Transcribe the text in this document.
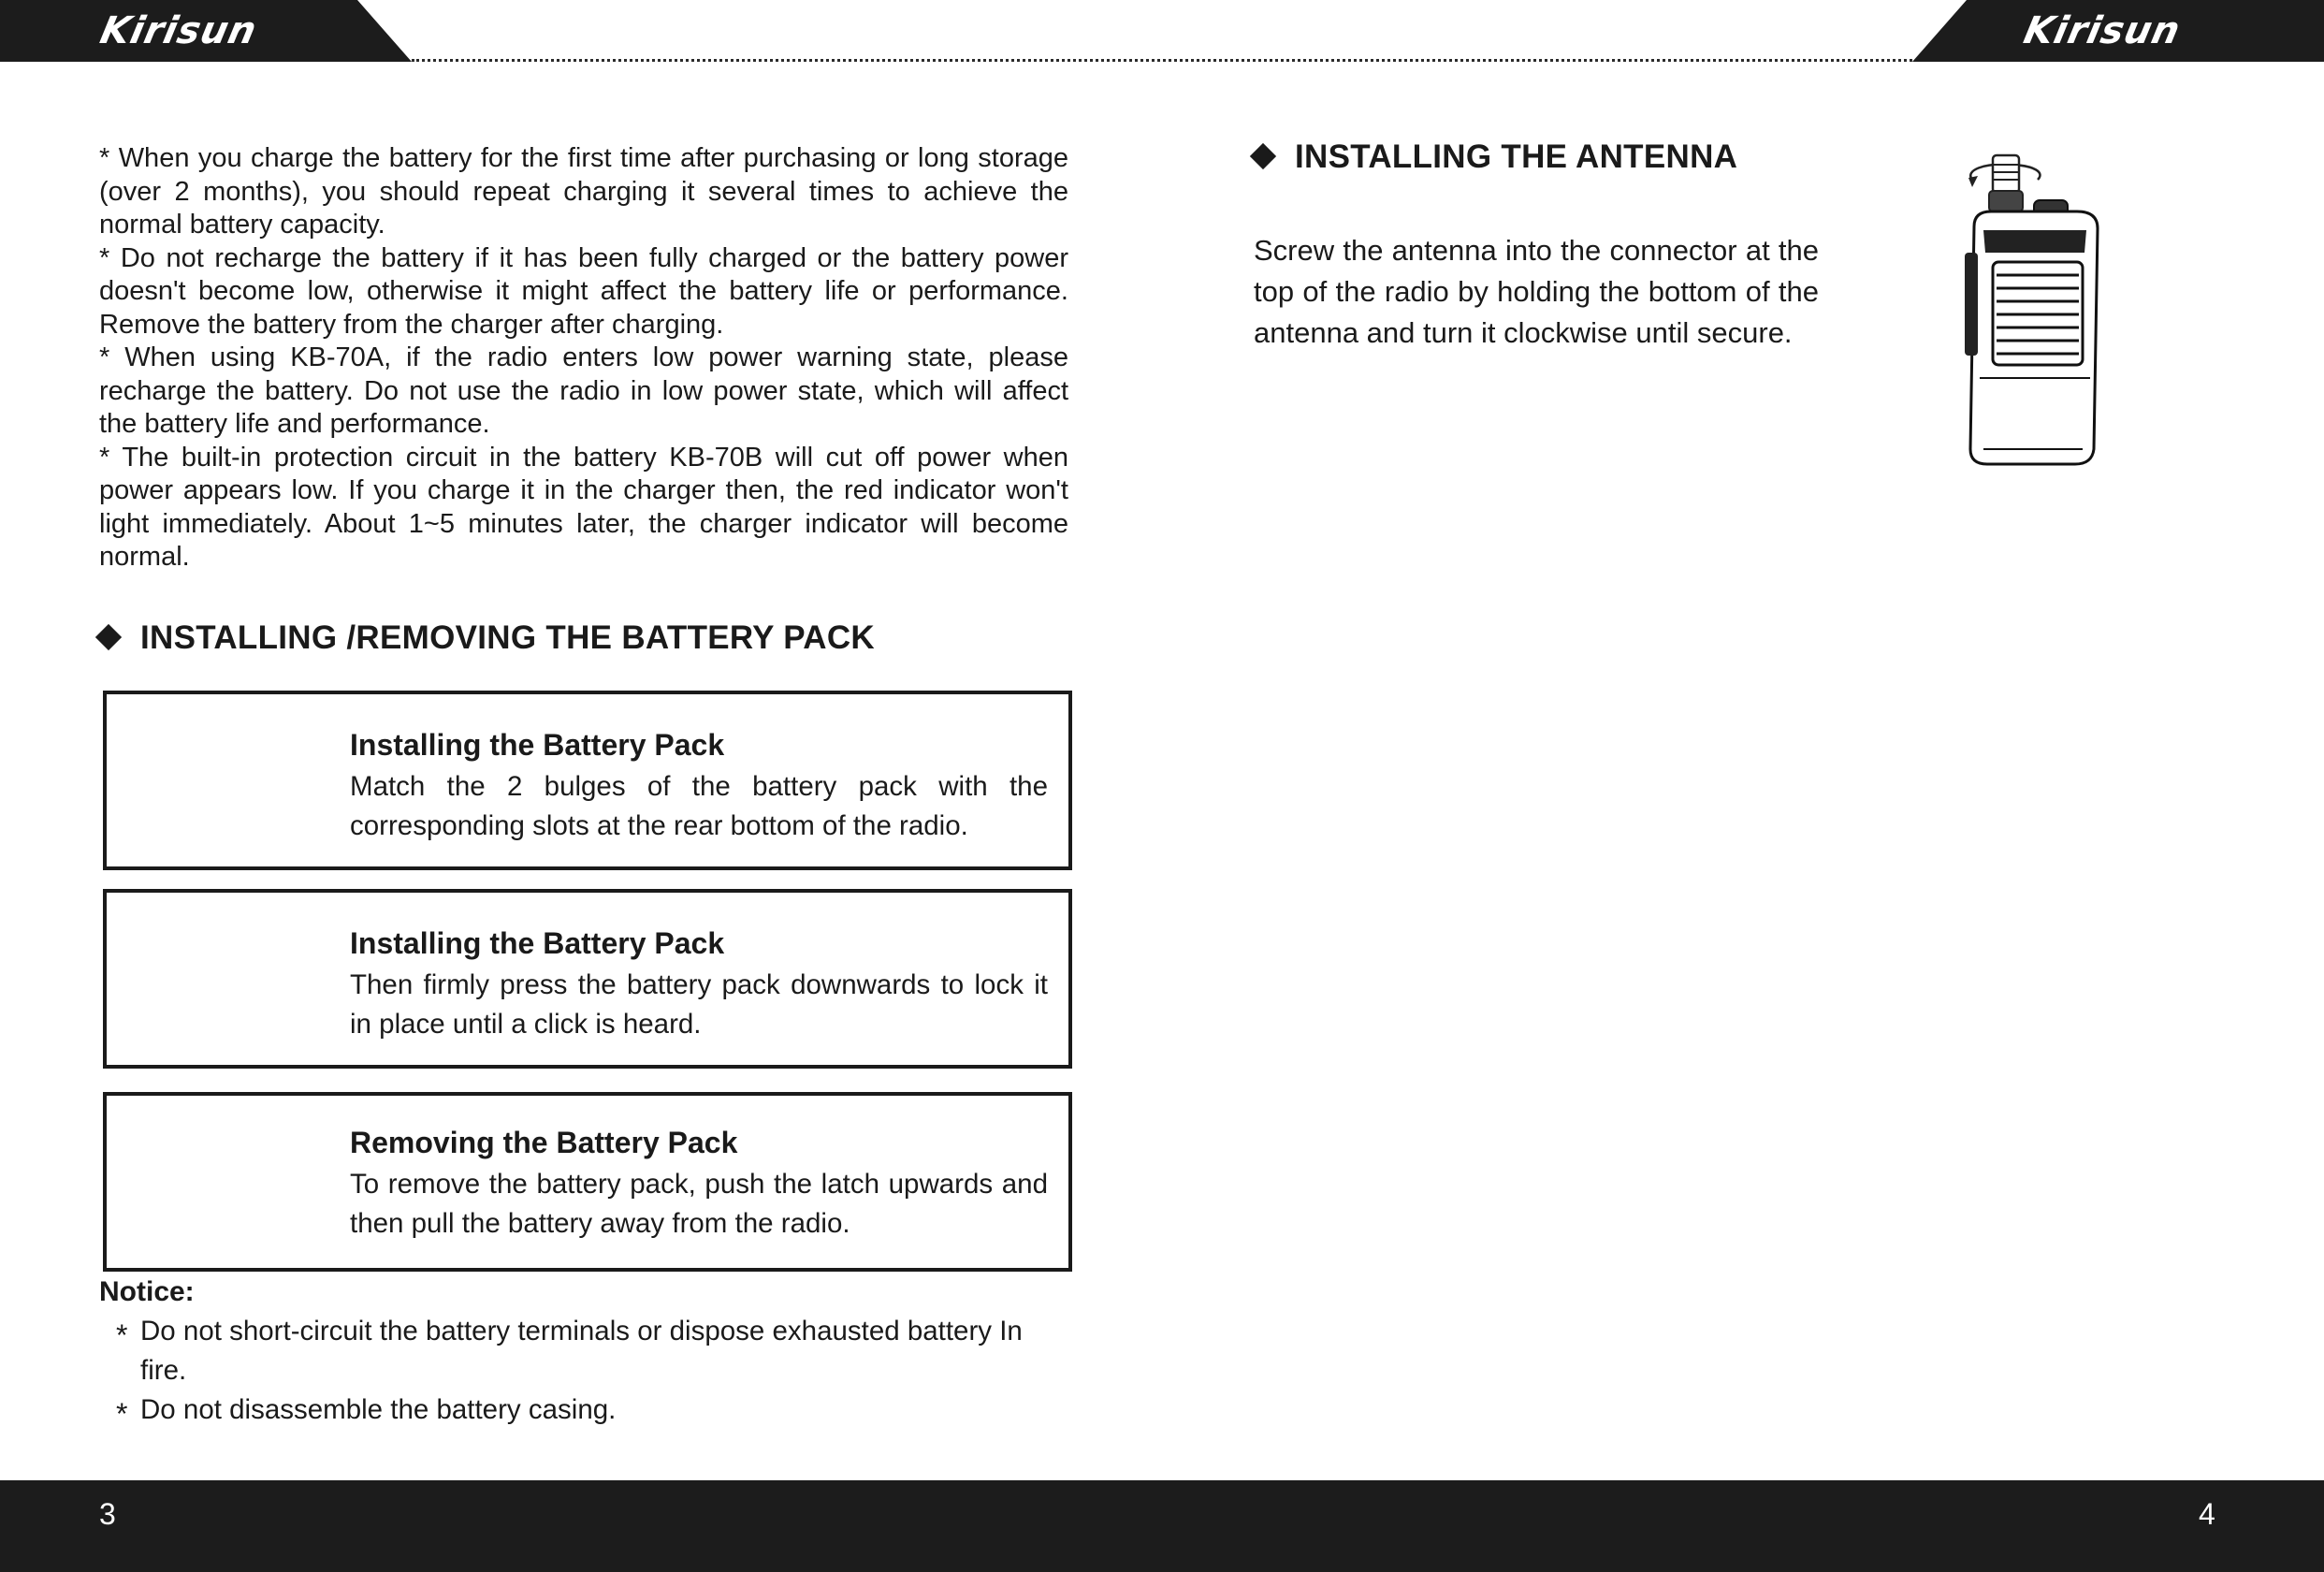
Kirisun	Kirisun

* When you charge the battery for the first time after purchasing or long storage (over 2 months), you should repeat charging it several times to achieve the normal battery capacity.

* Do not recharge the battery if it has been fully charged or the battery power doesn't become low, otherwise it might affect the battery life or performance. Remove the battery from the charger after charging.

* When using KB-70A, if the radio enters low power warning state, please recharge the battery. Do not use the radio in low power state, which will affect the battery life and performance.

* The built-in protection circuit in the battery KB-70B will cut off power when power appears low. If you charge it in the charger then, the red indicator won't light immediately. About 1~5 minutes later, the charger indicator will become normal.

INSTALLING /REMOVING THE BATTERY PACK
Installing the Battery Pack
Match the 2 bulges of the battery pack with the corresponding slots at the rear bottom of the radio.
Installing the Battery Pack
Then firmly press the battery pack downwards to lock it in place until a click is heard.
Removing the Battery Pack
To remove the battery pack, push the latch upwards and then pull the battery away from the radio.
Notice:
* Do not short-circuit the battery terminals or dispose exhausted battery In fire.
* Do not disassemble the battery casing.
INSTALLING THE ANTENNA
Screw the antenna into the connector at the top of the radio by holding the bottom of the antenna and turn it clockwise until secure.
3	4
